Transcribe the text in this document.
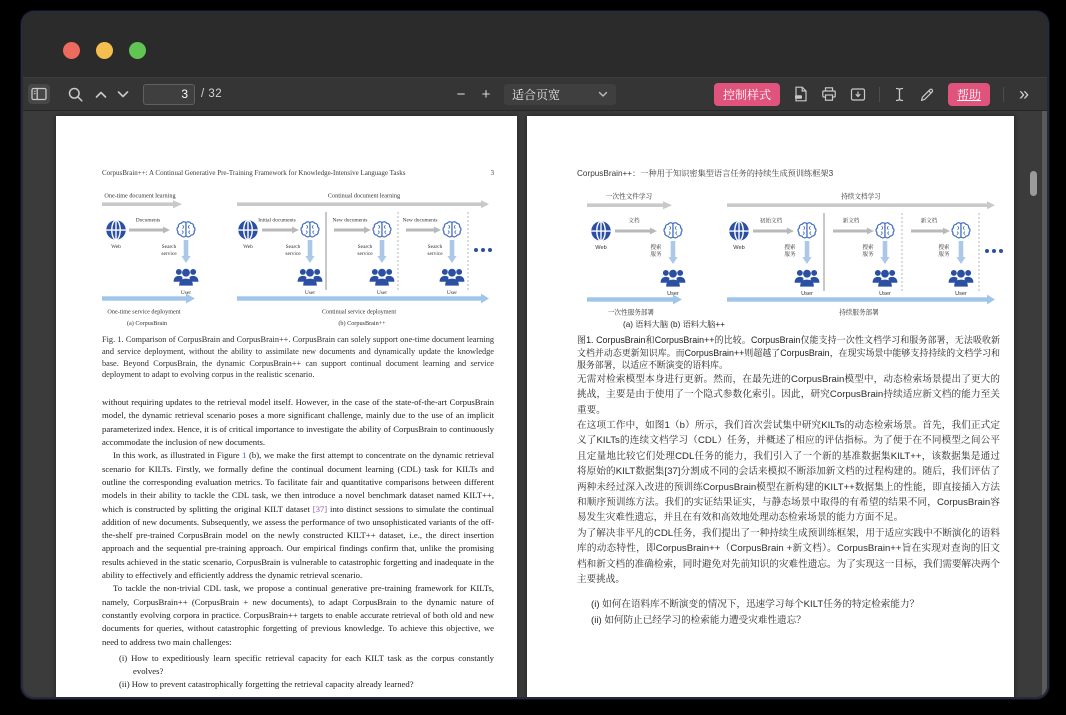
3
/ 32	− + 适合页宽	控制样式	帮助	»
CorpusBrain++: A Continual Generative Pre-Training Framework for Knowledge-Intensive Language Tasks	3
One-time document learning
Web
Documents
One-time service deployment
(a) CorpusBrain
Continual document learning
Web
Initial documents	New documents	New documents
Continual service deployment
(b) CorpusBrain++
Fig. 1. Comparison of CorpusBrain and CorpusBrain++. CorpusBrain can solely support one-time document learning and service deployment, without the ability to assimilate new documents and dynamically update the knowledge base. Beyond CorpusBrain, the dynamic CorpusBrain++ can support continual document learning and service deployment to adapt to evolving corpus in the realistic scenario.

without requiring updates to the retrieval model itself. However, in the case of the state-of-the-art CorpusBrain model, the dynamic retrieval scenario poses a more significant challenge, mainly due to the use of an implicit parameterized index. Hence, it is of critical importance to investigate the ability of CorpusBrain to continuously accommodate the inclusion of new documents.

In this work, as illustrated in Figure 1 (b), we make the first attempt to concentrate on the dynamic retrieval scenario for KILTs. Firstly, we formally define the continual document learning (CDL) task for KILTs and outline the corresponding evaluation metrics. To facilitate fair and quantitative comparisons between different models in their ability to tackle the CDL task, we then introduce a novel benchmark dataset named KILT++, which is constructed by splitting the original KILT dataset [37] into distinct sessions to simulate the continual addition of new documents. Subsequently, we assess the performance of two unsophisticated variants of the off-the-shelf pre-trained CorpusBrain model on the newly constructed KILT++ dataset, i.e., the direct insertion approach and the sequential pre-training approach. Our empirical findings confirm that, unlike the promising results achieved in the static scenario, CorpusBrain is vulnerable to catastrophic forgetting and inadequate in the ability to effectively and efficiently address the dynamic retrieval scenario.

To tackle the non-trivial CDL task, we propose a continual generative pre-training framework for KILTs, namely, CorpusBrain++ (CorpusBrain + new documents), to adapt CorpusBrain to the dynamic nature of constantly evolving corpora in practice. CorpusBrain++ targets to enable accurate retrieval of both old and new documents for queries, without catastrophic forgetting of previous knowledge. To achieve this objective, we need to address two main challenges:

(i) How to expeditiously learn specific retrieval capacity for each KILT task as the corpus constantly evolves?
(ii) How to prevent catastrophically forgetting the retrieval capacity already learned?
CorpusBrain++：一种用于知识密集型语言任务的持续生成预训练框架3
一次性文件学习
Web
文档
一次性服务部署
持续文档学习
Web
初始文档	新文档	新文档
持续服务部署
(a) 语料大脑 (b) 语料大脑++
图1. CorpusBrain和CorpusBrain++的比较。CorpusBrain仅能支持一次性文档学习和服务部署，无法吸收新文档并动态更新知识库。而CorpusBrain++则超越了CorpusBrain，在现实场景中能够支持持续的文档学习和服务部署，以适应不断演变的语料库。

无需对检索模型本身进行更新。然而，在最先进的CorpusBrain模型中，动态检索场景提出了更大的挑战，主要是由于使用了一个隐式参数化索引。因此，研究CorpusBrain持续适应新文档的能力至关重要。

在这项工作中，如图1（b）所示，我们首次尝试集中研究KILTs的动态检索场景。首先，我们正式定义了KILTs的连续文档学习（CDL）任务，并概述了相应的评估指标。为了便于在不同模型之间公平且定量地比较它们处理CDL任务的能力，我们引入了一个新的基准数据集KILT++，该数据集是通过将原始的KILT数据集[37]分割成不同的会话来模拟不断添加新文档的过程构建的。随后，我们评估了两种未经过深入改进的预训练CorpusBrain模型在新构建的KILT++数据集上的性能，即直接插入方法和顺序预训练方法。我们的实证结果证实，与静态场景中取得的有希望的结果不同，CorpusBrain容易发生灾难性遗忘，并且在有效和高效地处理动态检索场景的能力方面不足。

为了解决非平凡的CDL任务，我们提出了一种持续生成预训练框架，用于适应实践中不断演化的语料库的动态特性，即CorpusBrain++（CorpusBrain +新文档）。CorpusBrain++旨在实现对查询的旧文档和新文档的准确检索，同时避免对先前知识的灾难性遗忘。为了实现这一目标，我们需要解决两个主要挑战。

(i) 如何在语料库不断演变的情况下，迅速学习每个KILT任务的特定检索能力？
(ii) 如何防止已经学习的检索能力遭受灾难性遗忘？
